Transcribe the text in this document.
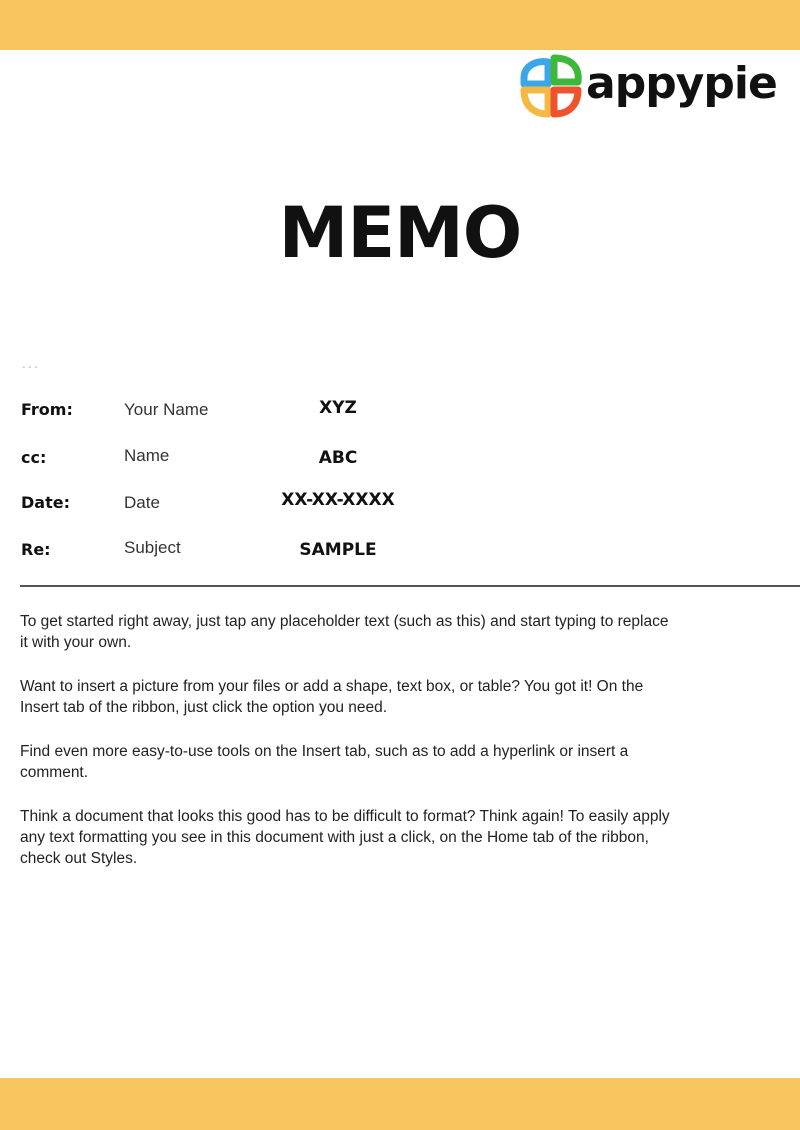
appypie
MEMO
- - -
From:	Your Name	XYZ
cc:	Name	ABC
Date:	Date	XX-XX-XXXX
Re:	Subject	SAMPLE

To get started right away, just tap any placeholder text (such as this) and start typing to replace
it with your own.

Want to insert a picture from your files or add a shape, text box, or table? You got it! On the
Insert tab of the ribbon, just click the option you need.

Find even more easy-to-use tools on the Insert tab, such as to add a hyperlink or insert a
comment.

Think a document that looks this good has to be difficult to format? Think again! To easily apply
any text formatting you see in this document with just a click, on the Home tab of the ribbon,
check out Styles.
